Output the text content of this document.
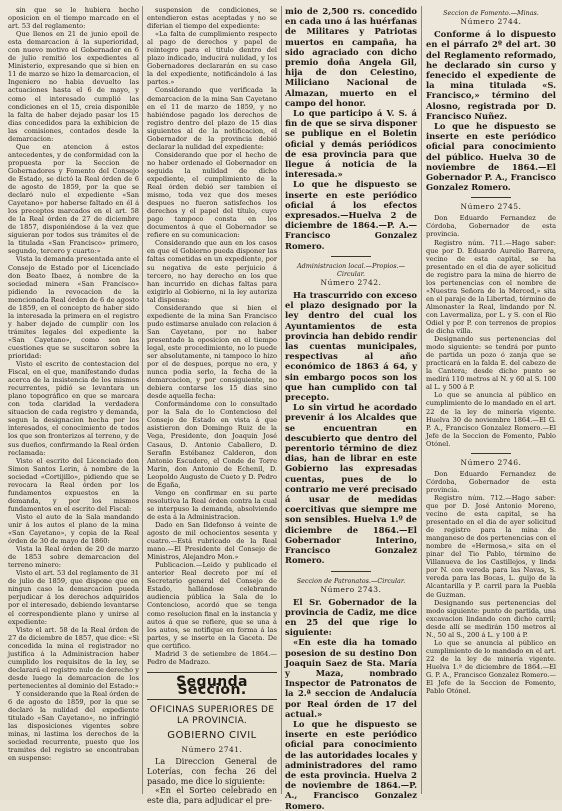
sin que se le hubiera hecho oposicion en el tiempo marcado en el art. 53 del reglamento:

Que llenos en 21 de junio epoil de esta demarcacion á la superioridad, con nuevo motivo el Gobernador en 6 de julio remitió los expedientes al Ministerio, expresando que si bien en 11 de marzo se hizo la demarcacion, el Ingeniero no habia devuelto las actuaciones hasta el 6 de mayo, y como el interesado cumplió las condiciones en el 15, creia disponible la falta de haber dejado pasar los 15 dias concedidos para la exhibicion de las comisiones, contados desde la demarcacion:

Que en atencion á estos antecedentes, y de conformidad con la propuesta por la Seccion de Gobernadores y Fomento del Consejo de Estado, se dictó la Real órden de 6 de agosto de 1859, por la que se declaró nulo el expediente «San Cayetano» por haberse faltado en él á los preceptos marcados en el art. 58 de la Real órden de 27 de diciembre de 1857, disponiéndose á la vez que siguieran por todos sus trámites el de la titulada «San Francisco» primero, segundo, tercero y cuarto:»

Vista la demanda presentada ante el Consejo de Estado por el Licenciado don Beato Ibaez, á nombre de la sociedad minera «San Francisco» pidiendo la revocacion de la mencionada Real órden de 6 de agosto de 1859, en el concepto de haber sido la interesada la primera en el registro y haber dejado de cumplir con los trámites legales del expediente la «San Cayetano», como son las cuestiones que se suscitaron sobre la prioridad:

Visto el escrito de contestacion del Fiscal, en el que, manifestando dudas acerca de la insistencia de los mismos recurrentes, pidió se levantara un plano topográfico en que se marcara con toda claridad la verdadera situacion de cada registro y demanda, segun la designacion hecha por los interesados, el conocimiento de todos los que son fronterizos al terreno, y de sus dueños, confirmando la Real órden reclamada:

Visto el escrito del Licenciado don Simon Santos Lerin, á nombre de la sociedad «Cortijillo», pidiendo que se revocara la Real órden por los fundamentos expuestos en la demanda, y por los mismos fundamentos en el escrito del Fiscal:

Visto el auto de la Sala mandando unir á los autos el plano de la mina «San Cayetano», y copia de la Real órden de 30 de mayo de 1860:

Vista la Real órden de 20 de marzo de 1853 sobre demarcacion del terreno minero:

Visto el art. 53 del reglamento de 31 de julio de 1859, que dispone que en ningun caso la demarcacion pueda perjudicar á los derechos adquiridos por el interesado, debiendo levantarse el correspondiente plano y unirse al expediente:

Visto el art. 58 de la Real órden de 27 de diciembre de 1857, que dice: «Si concedida la mina el registrador no justifica á la Administracion haber cumplido los requisitos de la ley, se declarará el registro nulo de derecho y desde luego la demarcacion de los pertenecientes al dominio del Estado:»

Y considerando que la Real órden de 6 de agosto de 1859, por la que se declaró la nulidad del expediente titulado «San Cayetano», no infringió las disposiciones vigentes sobre minas, ni lastima los derechos de la sociedad recurrente, puesto que los tramites del registro se encontraban en suspenso:

suspension de condiciones, se entendieron estas aceptadas y no se diferian el tiempo del expediente:

«La falta de cumplimiento respecto al pago de derechos y papel de reintegro para el titulo dentro del plazo indicado, inducirá nulidad, y los Gobernadores declararán en su caso la del expediente, notificándolo á las partes.»

Considerando que verificada la demarcacion de la mina San Cayetano en el 11 de marzo de 1859, y no habiéndose pagado los derechos de registro dentro del plazo de 15 dias siguientes al de la notificacion, el Gobernador de la provincia debió declarar la nulidad del expediente:

Considerando que por el hecho de no haber ordenado el Gobernador en seguida la nulidad de dicho expediente, el cumplimiento de la Real órden debió ser tambien el mismo, toda vez que dos meses despues no fueron satisfechos los derechos y el papel del título, cuyo pago tampoco consta en los documentos á que el Gobernador se refiere en su comunicacion:

Considerando que aun en los casos en que el Gobierno pueda disponer las faltas cometidas en un expediente, por su negativa de este perjuicio á tercero, no hay derecho en los que han incurrido en dichas faltas para exigirlo al Gobierno, ni la ley autoriza tal dispensa:

Considerando que si bien el expediente de la mina San Francisco pudo estimarse anulado con relacion á San Cayetano, por no haber presentado la oposicion en el tiempo legal, este procedimiento, no lo puede ser absolutamente, ni tampoco lo hizo por el de despues, porque no era, y nunca podia serlo, la fecha de la demarcacion, y por consiguiente, no debiera contarse los 15 dias sino desde aquella fecha:

Conformándome con lo consultado por la Sala de lo Contencioso del Consejo de Estado en vista á que asistieron don Domingo Ruiz de la Vega, Presidente, don Joaquin José Casaus, D. Antonio Caballero, D. Serafin Estébanez Calderon, don Antonio Escudero, el Conde de Torre Marin, don Antonio de Echenil, D. Leopoldo Augusto de Cueto y D. Pedro de Egaña,

Vengo en confirmar en su parte resolutiva la Real órden contra la cual se interpuso la demanda, absolviendo de esta á la Administracion.

Dado en San Ildefonso á veinte de agosto de mil ochocientos sesenta y cuatro.—Está rubricado de la Real mano.—El Presidente del Consejo de Ministros, Alejandro Mon.»

Publicacion.—Leido y publicado el anterior Real decreto por mí el Secretario general del Consejo de Estado, hallándose celebrando audiencia pública la Sala de lo Contencioso, acordó que se tenga como resolucion final en la instancia y autos á que se refiere, que se una á los autos, se notifique en forma á las partes, y se inserte en la Gaceta. De que certifico.

Madrid 3 de setiembre de 1864.—Pedro de Madrazo.

Segunda Seccion.
OFICINAS SUPERIORES DE LA PROVINCIA.
GOBIERNO CIVIL
Número 2741.

La Direccion General de Loterías, con fecha 26 del pasado, me dice lo siguiente:

«En el Sorteo celebrado en este dia, para adjudicar el pre-

mio de 2,500 rs. concedido en cada uno á las huérfanas de Militares y Patriotas muertos en campaña, ha sido agraciado con dicho premio doña Angela Gil, hija de don Celestino, Miliciano Nacional de Almazan, muerto en el campo del honor.

Lo que participo á V. S. á fin de que se sirva disponer se publique en el Boletin oficial y demás periódicos de esa provincia para que llegue á noticia de la interesada.»

Lo que he dispuesto se inserte en este periódico oficial á los efectos expresados.—Huelva 2 de diciembre de 1864.—P. A.—Francisco Gonzalez Romero.

Administracion local.—Propios.—Circular.
Número 2742.

Ha trascurrido con exceso el plazo designado por la ley dentro del cual los Ayuntamientos de esta provincia han debido rendir las cuentas municipales, respectivas al año económico de 1863 á 64, y sin embargo pocos son los que han cumplido con tal precepto.

Lo sin virtud he acordado prevenir á los Alcaldes que se encuentran en descubierto que dentro del perentorio término de diez dias, han de librar en este Gobierno las expresadas cuentas, pues de lo contrario me veré precisado á usar de medidas coercitivas que siempre me son sensibles. Huelva 1.º de diciembre de 1864.—El Gobernador Interino, Francisco Gonzalez Romero.

Seccion de Patronatos.—Circular.
Número 2743.

El Sr. Gobernador de la provincia de Cadiz, me dice en 25 del que rige lo siguiente:

«En este dia ha tomado posesion de su destino Don Joaquin Saez de Sta. María y Maza, nombrado Inspector de Patronatos de la 2.ª seccion de Andalucía por Real órden de 17 del actual.»

Lo que he dispuesto se inserte en este periódico oficial para conocimiento de las autoridades locales y administradores del ramo de esta provincia. Huelva 2 de noviembre de 1864.—P. A., Francisco Gonzalez Romero.

Seccion de Fomento.—Minas.
Número 2744.

Conforme á lo dispuesto en el párrafo 2º del art. 30 del Reglamento reformado, he declarado sin curso y fenecido el expediente de la mina titulada «S. Francisco,» término del Alosno, registrada por D. Francisco Nuñez.

Lo que he dispuesto se inserte en este periódico oficial para conocimiento del público. Huelva 30 de noviembre de 1864.—El Gobernador P. A., Francisco Gonzalez Romero.

Número 2745.

Don Eduardo Fernandez de Córdoba, Gobernador de esta provincia.

Registro núm. 711.—Hago saber: que por D. Eduardo Aurelio Barrera, vecino de esta capital, se ha presentado en el dia de ayer solicitud de registro para la mina de hierro de los pertenencias con el nombre de «Nuestra Señora de la Merced,» sita en el paraje de la Libertad, término de Almonaster la Real, lindando por N. con Lavermaliza, por L. y S. con el Rio Odiel y por P. con terrenos de propios de dicha villa.

Designando sus pertenencias del modo siguiente: se tendrá por punto de partida un pozo ó zanja que se practicará en la falda E. del cabezo de la Cantera; desde dicho punto se medirá 110 metros al N. y 60 al S. 100 al L. y 500 á P.

Lo que se anuncia al público en cumplimiento de lo mandado en el art. 22 de la ley de minería vigente. Huelva 30 de noviembre 1864.—El G. P. A., Francisco Gonzalez Romero.—El Jefe de la Seccion de Fomento, Pablo Otónel.

Número 2746.

Don Eduardo Fernandez de Córdoba, Gobernador de esta provincia.

Registro núm. 712.—Hago saber: que por D. José Antonio Moreno, vecino de esta capital, se ha presentado en el dia de ayer solicitud de registro para la mina de manganeso de dos pertenencias con el nombre de «Hermosa,» sita en el pinar del Tio Pablo, término de Villanueva de los Castillejos, y linda por N. con vereda para las Navas, S. vereda para las Bocas, L. guijo de la Alcantarilla y P. carril para la Puebla de Guzman.

Designando sus pertenencias del modo siguiente: punto de partida, una excavacion lindando con dicho carril; desde allí se medirán 150 metros al N., 50 al S., 200 á L. y 100 á P.

Lo que se anuncia al público en cumplimiento de lo mandado en el art. 22 de la ley de minería vigente. Huelva 1.º de diciembre de 1864.—El G. P. A., Francisco Gonzalez Romero.—El Jefe de la Seccion de Fomento, Pablo Otónel.
